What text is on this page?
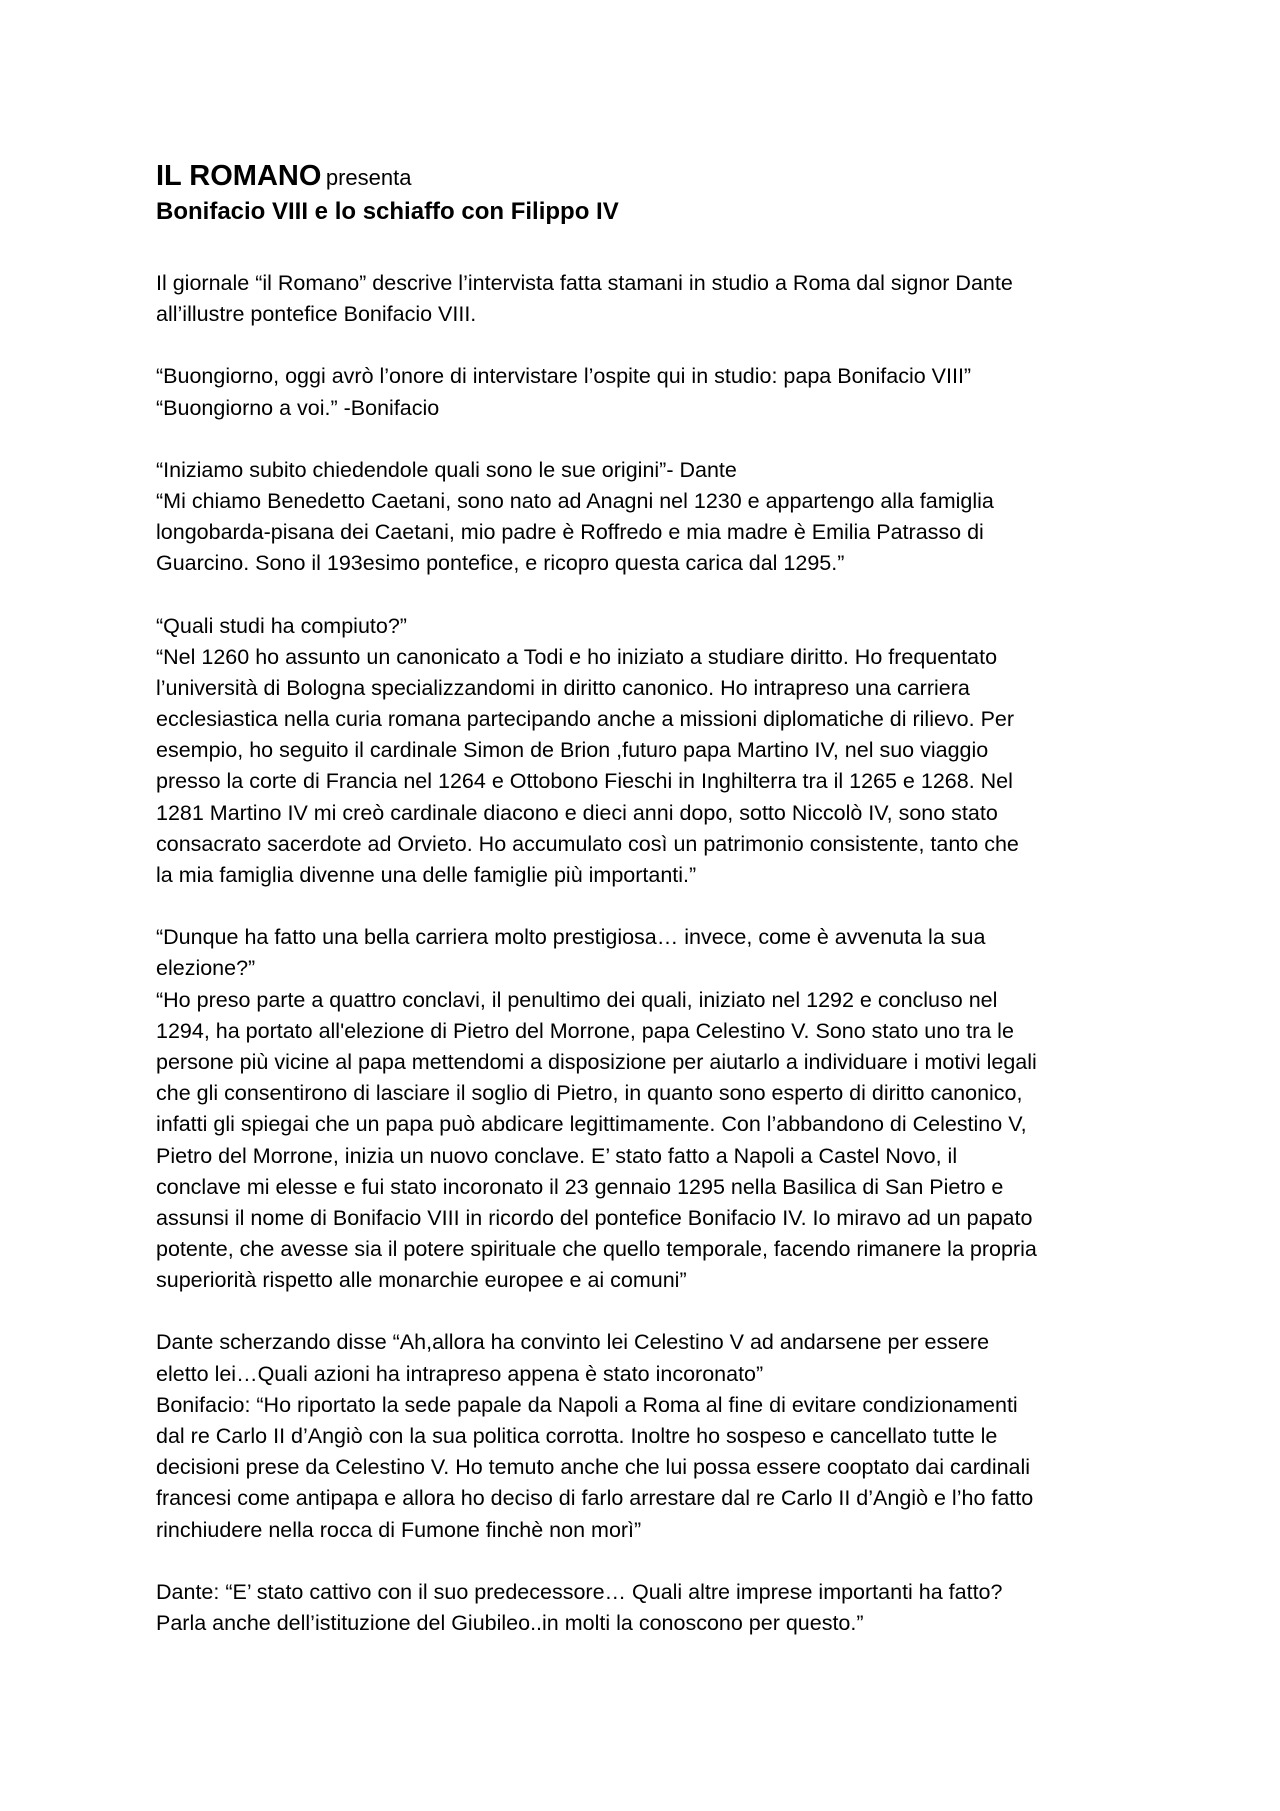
IL ROMANO presenta
Bonifacio VIII e lo schiaffo con Filippo IV
Il giornale “il Romano” descrive l’intervista fatta stamani in studio a Roma dal signor Dante
all’illustre pontefice Bonifacio VIII.
“Buongiorno, oggi avrò l’onore di intervistare l’ospite qui in studio: papa Bonifacio VIII”
“Buongiorno a voi.” -Bonifacio
“Iniziamo subito chiedendole quali sono le sue origini”- Dante
“Mi chiamo Benedetto Caetani, sono nato ad Anagni nel 1230 e appartengo alla famiglia
longobarda-pisana dei Caetani, mio padre è Roffredo e mia madre è Emilia Patrasso di
Guarcino. Sono il 193esimo pontefice, e ricopro questa carica dal 1295.”
“Quali studi ha compiuto?”
“Nel 1260 ho assunto un canonicato a Todi e ho iniziato a studiare diritto. Ho frequentato
l’università di Bologna specializzandomi in diritto canonico. Ho intrapreso una carriera
ecclesiastica nella curia romana partecipando anche a missioni diplomatiche di rilievo. Per
esempio, ho seguito il cardinale Simon de Brion ,futuro papa Martino IV, nel suo viaggio
presso la corte di Francia nel 1264 e Ottobono Fieschi in Inghilterra tra il 1265 e 1268. Nel
1281 Martino IV mi creò cardinale diacono e dieci anni dopo, sotto Niccolò IV, sono stato
consacrato sacerdote ad Orvieto. Ho accumulato così un patrimonio consistente, tanto che
la mia famiglia divenne una delle famiglie più importanti.”
“Dunque ha fatto una bella carriera molto prestigiosa… invece, come è avvenuta la sua
elezione?”
“Ho preso parte a quattro conclavi, il penultimo dei quali, iniziato nel 1292 e concluso nel
1294, ha portato all'elezione di Pietro del Morrone, papa Celestino V. Sono stato uno tra le
persone più vicine al papa mettendomi a disposizione per aiutarlo a individuare i motivi legali
che gli consentirono di lasciare il soglio di Pietro, in quanto sono esperto di diritto canonico,
infatti gli spiegai che un papa può abdicare legittimamente. Con l’abbandono di Celestino V,
Pietro del Morrone, inizia un nuovo conclave. E’ stato fatto a Napoli a Castel Novo, il
conclave mi elesse e fui stato incoronato il 23 gennaio 1295 nella Basilica di San Pietro e
assunsi il nome di Bonifacio VIII in ricordo del pontefice Bonifacio IV. Io miravo ad un papato
potente, che avesse sia il potere spirituale che quello temporale, facendo rimanere la propria
superiorità rispetto alle monarchie europee e ai comuni”
Dante scherzando disse “Ah,allora ha convinto lei Celestino V ad andarsene per essere
eletto lei…Quali azioni ha intrapreso appena è stato incoronato”
Bonifacio: “Ho riportato la sede papale da Napoli a Roma al fine di evitare condizionamenti
dal re Carlo II d’Angiò con la sua politica corrotta. Inoltre ho sospeso e cancellato tutte le
decisioni prese da Celestino V. Ho temuto anche che lui possa essere cooptato dai cardinali
francesi come antipapa e allora ho deciso di farlo arrestare dal re Carlo II d’Angiò e l’ho fatto
rinchiudere nella rocca di Fumone finchè non morì”
Dante: “E’ stato cattivo con il suo predecessore… Quali altre imprese importanti ha fatto?
Parla anche dell’istituzione del Giubileo..in molti la conoscono per questo.”
